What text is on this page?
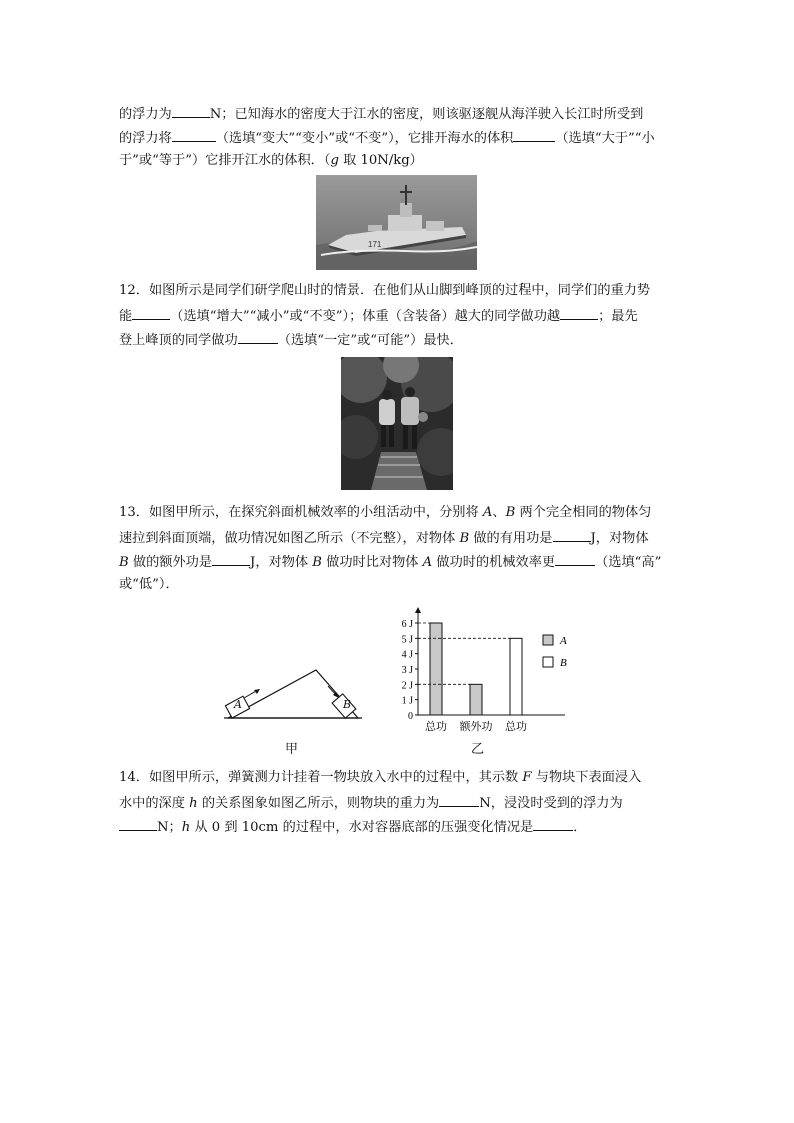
的浮力为	N；已知海水的密度大于江水的密度，则该驱逐舰从海洋驶入长江时所受到
的浮力将	（选填“变大”“变小”或“不变”），它排开海水的体积	（选填“大于”“小
于”或“等于”）它排开江水的体积．（g 取 10N/kg）
171
12．如图所示是同学们研学爬山时的情景．在他们从山脚到峰顶的过程中，同学们的重力势
能	（选填“增大”“减小”或“不变”）；体重（含装备）越大的同学做功越	；最先
登上峰顶的同学做功	（选填“一定”或“可能”）最快．
13．如图甲所示，在探究斜面机械效率的小组活动中，分别将 A、B 两个完全相同的物体匀
速拉到斜面顶端，做功情况如图乙所示（不完整），对物体 B 做的有用功是	J，对物体
B 做的额外功是	J，对物体 B 做功时比对物体 A 做功时的机械效率更	（选填“高”
或“低”）．
A	B
甲
0
1 J
2 J
3 J
4 J
5 J
6 J
总功 额外功 总功
A
B
乙
14．如图甲所示，弹簧测力计挂着一物块放入水中的过程中，其示数 F 与物块下表面浸入
水中的深度 h 的关系图象如图乙所示，则物块的重力为	N，浸没时受到的浮力为
N；h 从 0 到 10cm 的过程中，水对容器底部的压强变化情况是	．
